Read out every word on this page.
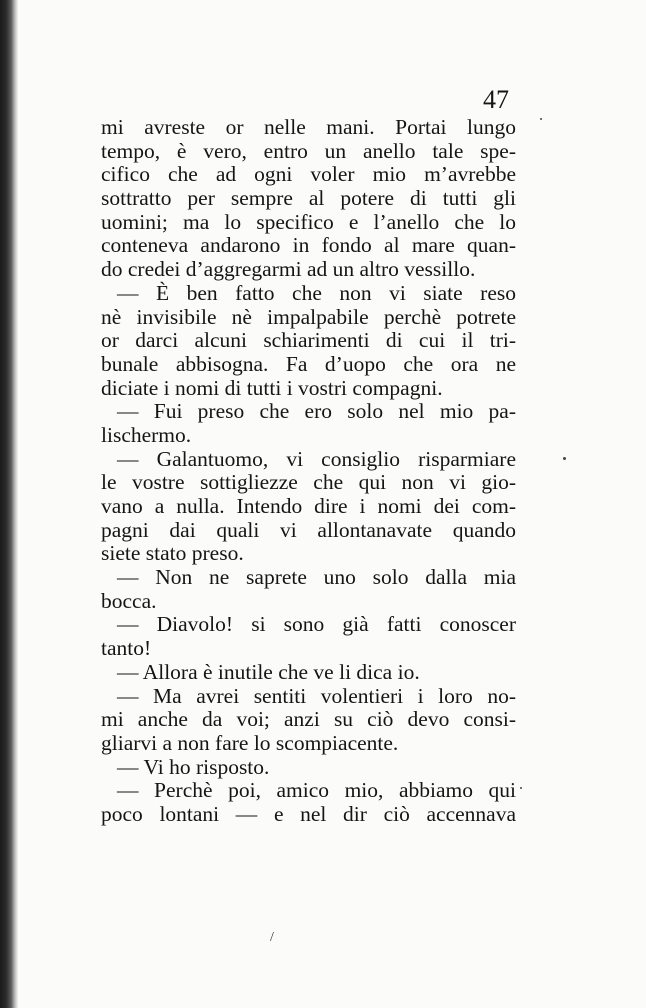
47
mi avreste or nelle mani. Portai lungo
tempo, è vero, entro un anello tale spe-
cifico che ad ogni voler mio m’avrebbe
sottratto per sempre al potere di tutti gli
uomini; ma lo specifico e l’anello che lo
conteneva andarono in fondo al mare quan-
do credei d’aggregarmi ad un altro vessillo.
— È ben fatto che non vi siate reso
nè invisibile nè impalpabile perchè potrete
or darci alcuni schiarimenti di cui il tri-
bunale abbisogna. Fa d’uopo che ora ne
diciate i nomi di tutti i vostri compagni.
— Fui preso che ero solo nel mio pa-
lischermo.
— Galantuomo, vi consiglio risparmiare
le vostre sottigliezze che qui non vi gio-
vano a nulla. Intendo dire i nomi dei com-
pagni dai quali vi allontanavate quando
siete stato preso.
— Non ne saprete uno solo dalla mia
bocca.
— Diavolo! si sono già fatti conoscer
tanto!
— Allora è inutile che ve li dica io.
— Ma avrei sentiti volentieri i loro no-
mi anche da voi; anzi su ciò devo consi-
gliarvi a non fare lo scompiacente.
— Vi ho risposto.
— Perchè poi, amico mio, abbiamo qui
poco lontani — e nel dir ciò accennava
/
